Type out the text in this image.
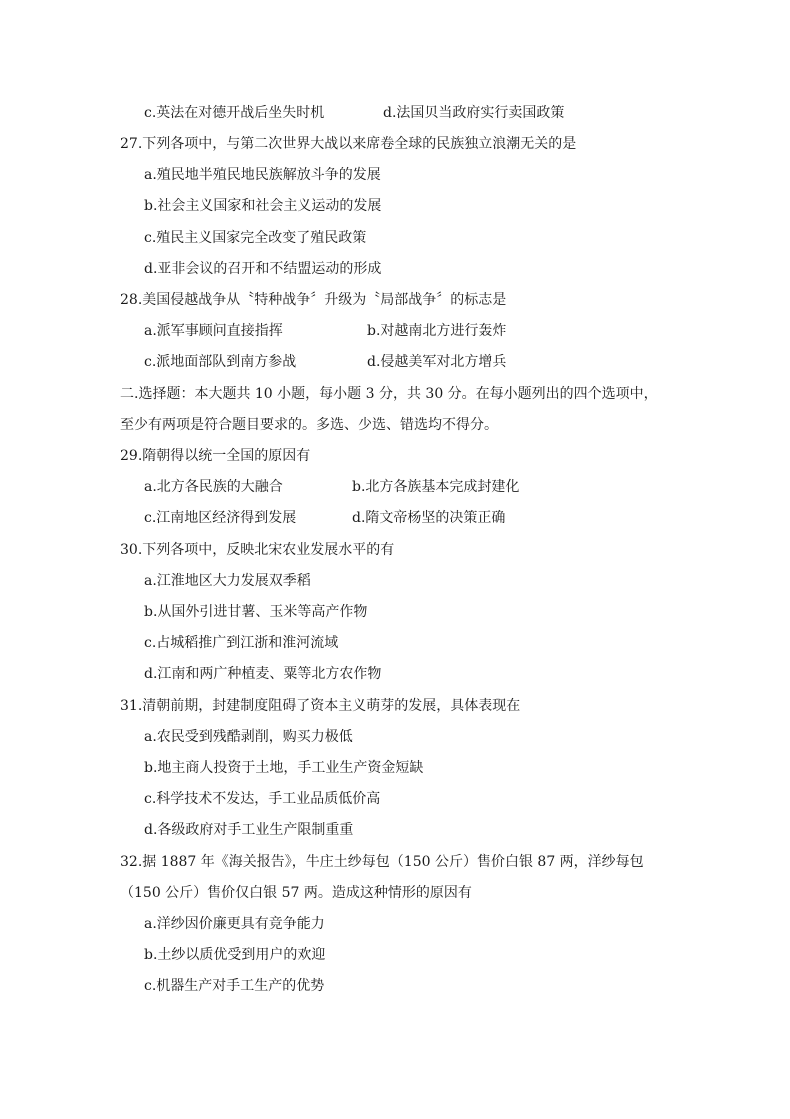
c.英法在对德开战后坐失时机	d.法国贝当政府实行卖国政策
27.下列各项中，与第二次世界大战以来席卷全球的民族独立浪潮无关的是
a.殖民地半殖民地民族解放斗争的发展
b.社会主义国家和社会主义运动的发展
c.殖民主义国家完全改变了殖民政策
d.亚非会议的召开和不结盟运动的形成
28.美国侵越战争从〝特种战争〞升级为〝局部战争〞的标志是
a.派军事顾问直接指挥	b.对越南北方进行轰炸
c.派地面部队到南方参战	d.侵越美军对北方增兵
二.选择题：本大题共 10 小题，每小题 3 分，共 30 分。在每小题列出的四个选项中，
至少有两项是符合题目要求的。多选、少选、错选均不得分。
29.隋朝得以统一全国的原因有
a.北方各民族的大融合	b.北方各族基本完成封建化
c.江南地区经济得到发展	d.隋文帝杨坚的决策正确
30.下列各项中，反映北宋农业发展水平的有
a.江淮地区大力发展双季稻
b.从国外引进甘薯、玉米等高产作物
c.占城稻推广到江浙和淮河流域
d.江南和两广种植麦、粟等北方农作物
31.清朝前期，封建制度阻碍了资本主义萌芽的发展，具体表现在
a.农民受到残酷剥削，购买力极低
b.地主商人投资于土地，手工业生产资金短缺
c.科学技术不发达，手工业品质低价高
d.各级政府对手工业生产限制重重
32.据 1887 年《海关报告》，牛庄土纱每包（150 公斤）售价白银 87 两，洋纱每包
（150 公斤）售价仅白银 57 两。造成这种情形的原因有
a.洋纱因价廉更具有竞争能力
b.土纱以质优受到用户的欢迎
c.机器生产对手工生产的优势
